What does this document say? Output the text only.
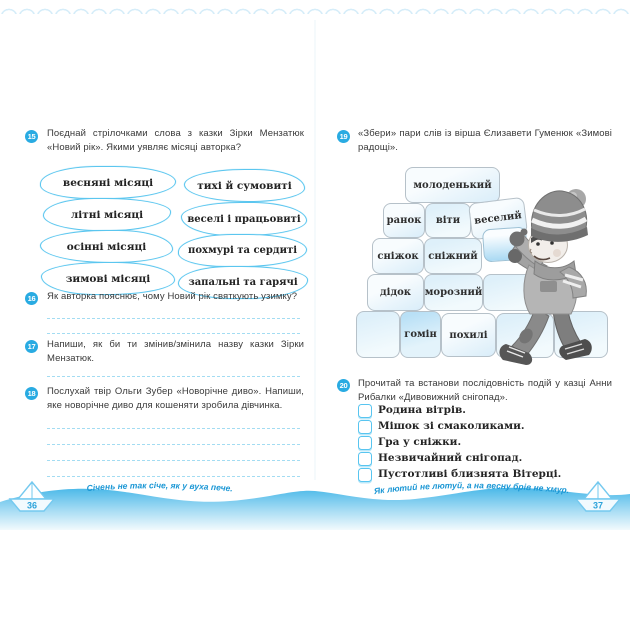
15 Поєднай стрілочками слова з казки Зірки Мензатюк «Новий рік». Якими уявляє місяці авторка?
весняні місяці	тихі й сумовиті
літні місяці	веселі і працьовиті
осінні місяці	похмурі та сердиті
зимові місяці	запальні та гарячі
16 Як авторка пояснює, чому Новий рік святкують узимку?
17 Напиши, як би ти змінив/змінила назву казки Зірки Мензатюк.
18 Послухай твір Ольги Зубер «Новорічне диво». Напиши, яке новорічне диво для кошеняти зробила дівчинка.
19 «Збери» пари слів із вірша Єлизавети Гуменюк «Зимові радощі».
молоденький
ранок	віти	веселий
сніжок сніжний
дідок	морозний
гомін	похилі
20 Прочитай та встанови послідовність подій у казці Анни Рибалки «Дивовижний снігопад».
Родина вітрів.
Мішок зі смаколиками.
Гра у сніжки.
Незвичайний снігопад.
Пустотливі близнята Вітерці.
Січень не так січе, як у вуха пече.	Як лютий не лютуй, а на весну брів не хмур.
36	37
